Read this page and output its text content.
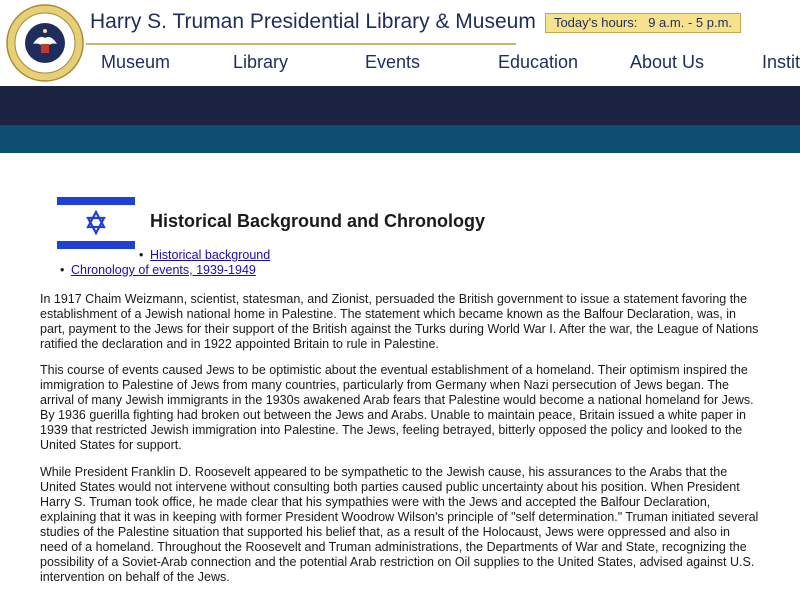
Harry S. Truman Presidential Library & Museum	Today's hours: 9 a.m. - 5 p.m.
Museum	Library	Events	Education	About Us	Instit
Historical Background and Chronology
• Historical background
• Chronology of events, 1939-1949

In 1917 Chaim Weizmann, scientist, statesman, and Zionist, persuaded the British government to issue a statement favoring the establishment of a Jewish national home in Palestine. The statement which became known as the Balfour Declaration, was, in part, payment to the Jews for their support of the British against the Turks during World War I. After the war, the League of Nations ratified the declaration and in 1922 appointed Britain to rule in Palestine.

This course of events caused Jews to be optimistic about the eventual establishment of a homeland. Their optimism inspired the immigration to Palestine of Jews from many countries, particularly from Germany when Nazi persecution of Jews began. The arrival of many Jewish immigrants in the 1930s awakened Arab fears that Palestine would become a national homeland for Jews. By 1936 guerilla fighting had broken out between the Jews and Arabs. Unable to maintain peace, Britain issued a white paper in 1939 that restricted Jewish immigration into Palestine. The Jews, feeling betrayed, bitterly opposed the policy and looked to the United States for support.

While President Franklin D. Roosevelt appeared to be sympathetic to the Jewish cause, his assurances to the Arabs that the United States would not intervene without consulting both parties caused public uncertainty about his position. When President Harry S. Truman took office, he made clear that his sympathies were with the Jews and accepted the Balfour Declaration, explaining that it was in keeping with former President Woodrow Wilson's principle of "self determination." Truman initiated several studies of the Palestine situation that supported his belief that, as a result of the Holocaust, Jews were oppressed and also in need of a homeland. Throughout the Roosevelt and Truman administrations, the Departments of War and State, recognizing the possibility of a Soviet-Arab connection and the potential Arab restriction on Oil supplies to the United States, advised against U.S. intervention on behalf of the Jews.
